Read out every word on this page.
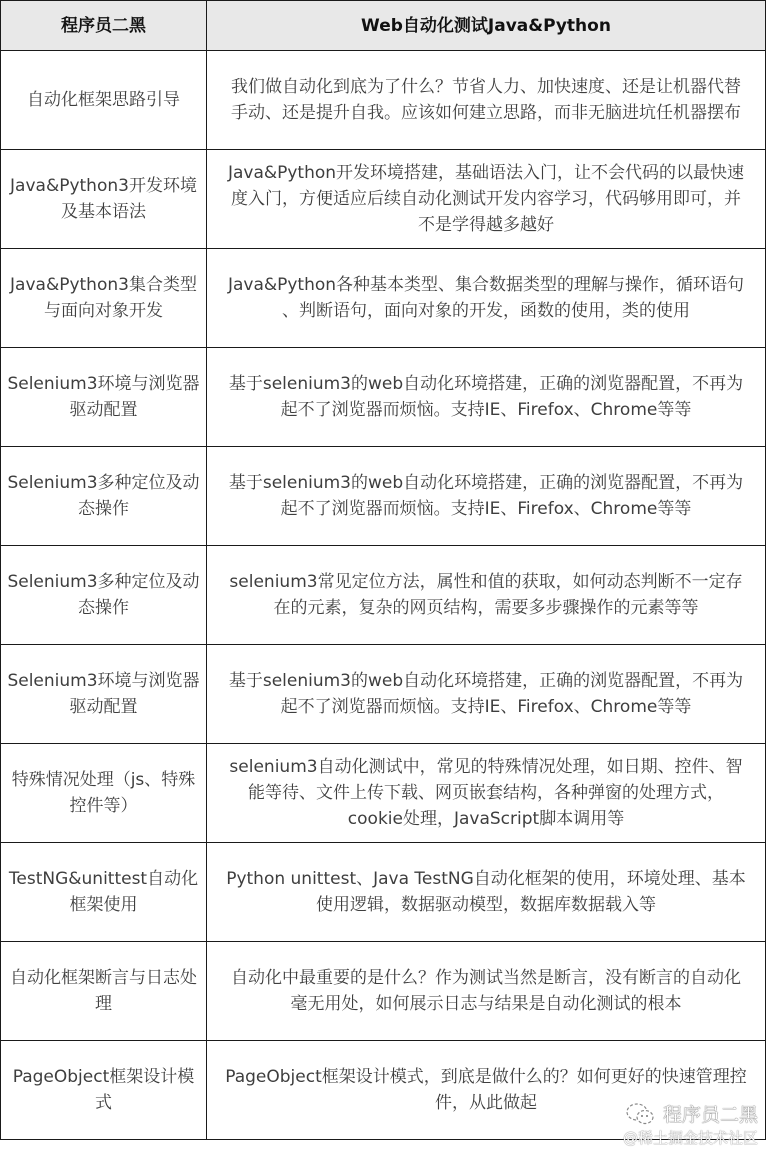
程序员二黑	Web自动化测试Java&Python

自动化框架思路引导	我们做自动化到底为了什么？节省人力、加快速度、还是让机器代替
手动、还是提升自我。应该如何建立思路，而非无脑进坑任机器摆布

Java&Python3开发环境
及基本语法	Java&Python开发环境搭建，基础语法入门，让不会代码的以最快速
度入门，方便适应后续自动化测试开发内容学习，代码够用即可，并
不是学得越多越好

Java&Python3集合类型
与面向对象开发	Java&Python各种基本类型、集合数据类型的理解与操作，循环语句
、判断语句，面向对象的开发，函数的使用，类的使用

Selenium3环境与浏览器
驱动配置	基于selenium3的web自动化环境搭建，正确的浏览器配置，不再为
起不了浏览器而烦恼。支持IE、Firefox、Chrome等等

Selenium3多种定位及动
态操作	基于selenium3的web自动化环境搭建，正确的浏览器配置，不再为
起不了浏览器而烦恼。支持IE、Firefox、Chrome等等

Selenium3多种定位及动
态操作	selenium3常见定位方法，属性和值的获取，如何动态判断不一定存
在的元素，复杂的网页结构，需要多步骤操作的元素等等

Selenium3环境与浏览器
驱动配置	基于selenium3的web自动化环境搭建，正确的浏览器配置，不再为
起不了浏览器而烦恼。支持IE、Firefox、Chrome等等

特殊情况处理（js、特殊
控件等）	selenium3自动化测试中，常见的特殊情况处理，如日期、控件、智
能等待、文件上传下载、网页嵌套结构，各种弹窗的处理方式，
cookie处理，JavaScript脚本调用等

TestNG&unittest自动化
框架使用	Python unittest、Java TestNG自动化框架的使用，环境处理、基本
使用逻辑，数据驱动模型，数据库数据载入等

自动化框架断言与日志处
理	自动化中最重要的是什么？作为测试当然是断言，没有断言的自动化
毫无用处，如何展示日志与结果是自动化测试的根本

PageObject框架设计模
式	PageObject框架设计模式，到底是做什么的？如何更好的快速管理控
件，从此做起
程序员二黑
@稀土掘金技术社区
